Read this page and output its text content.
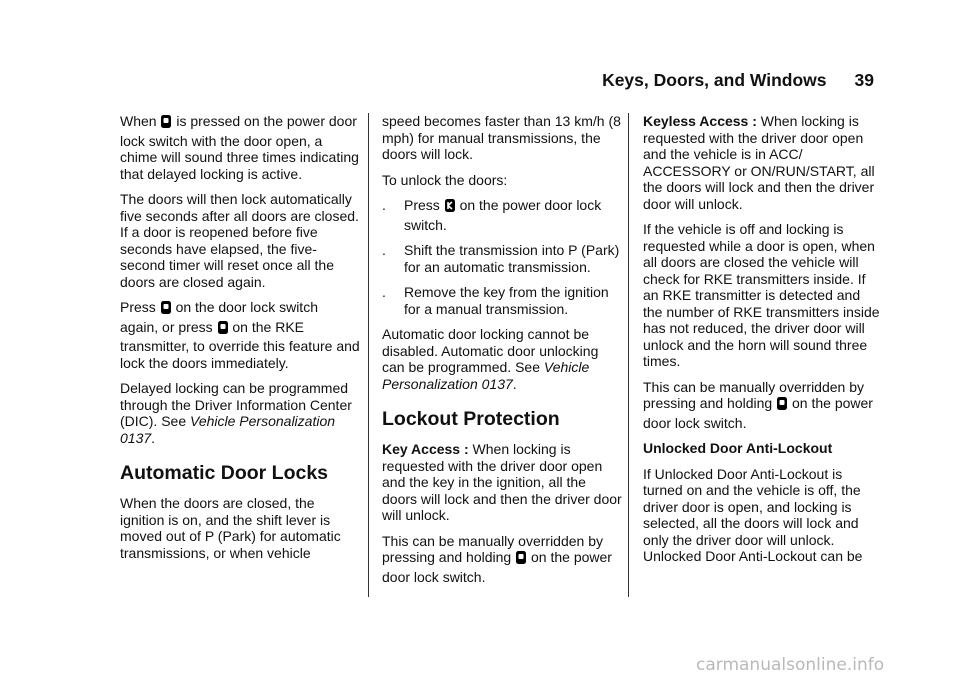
Keys, Doors, and Windows 39

When is pressed on the power door lock switch with the door open, a chime will sound three times indicating that delayed locking is active.

The doors will then lock automatically five seconds after all doors are closed. If a door is reopened before five seconds have elapsed, the five-second timer will reset once all the doors are closed again.

Press on the door lock switch again, or press on the RKE transmitter, to override this feature and lock the doors immediately.

Delayed locking can be programmed through the Driver Information Center (DIC). See Vehicle Personalization 0137.

Automatic Door Locks

When the doors are closed, the ignition is on, and the shift lever is moved out of P (Park) for automatic transmissions, or when vehicle

speed becomes faster than 13 km/h (8 mph) for manual transmissions, the doors will lock.

To unlock the doors:

.	Press on the power door lock switch.
.	Shift the transmission into P (Park) for an automatic transmission.
.	Remove the key from the ignition for a manual transmission.

Automatic door locking cannot be disabled. Automatic door unlocking can be programmed. See Vehicle Personalization 0137.

Lockout Protection

Key Access : When locking is requested with the driver door open and the key in the ignition, all the doors will lock and then the driver door will unlock.

This can be manually overridden by pressing and holding on the power door lock switch.

Keyless Access : When locking is requested with the driver door open and the vehicle is in ACC/ ACCESSORY or ON/RUN/START, all the doors will lock and then the driver door will unlock.

If the vehicle is off and locking is requested while a door is open, when all doors are closed the vehicle will check for RKE transmitters inside. If an RKE transmitter is detected and the number of RKE transmitters inside has not reduced, the driver door will unlock and the horn will sound three times.

This can be manually overridden by pressing and holding on the power door lock switch.

Unlocked Door Anti-Lockout

If Unlocked Door Anti-Lockout is turned on and the vehicle is off, the driver door is open, and locking is selected, all the doors will lock and only the driver door will unlock. Unlocked Door Anti-Lockout can be

carmanualsonline.info
